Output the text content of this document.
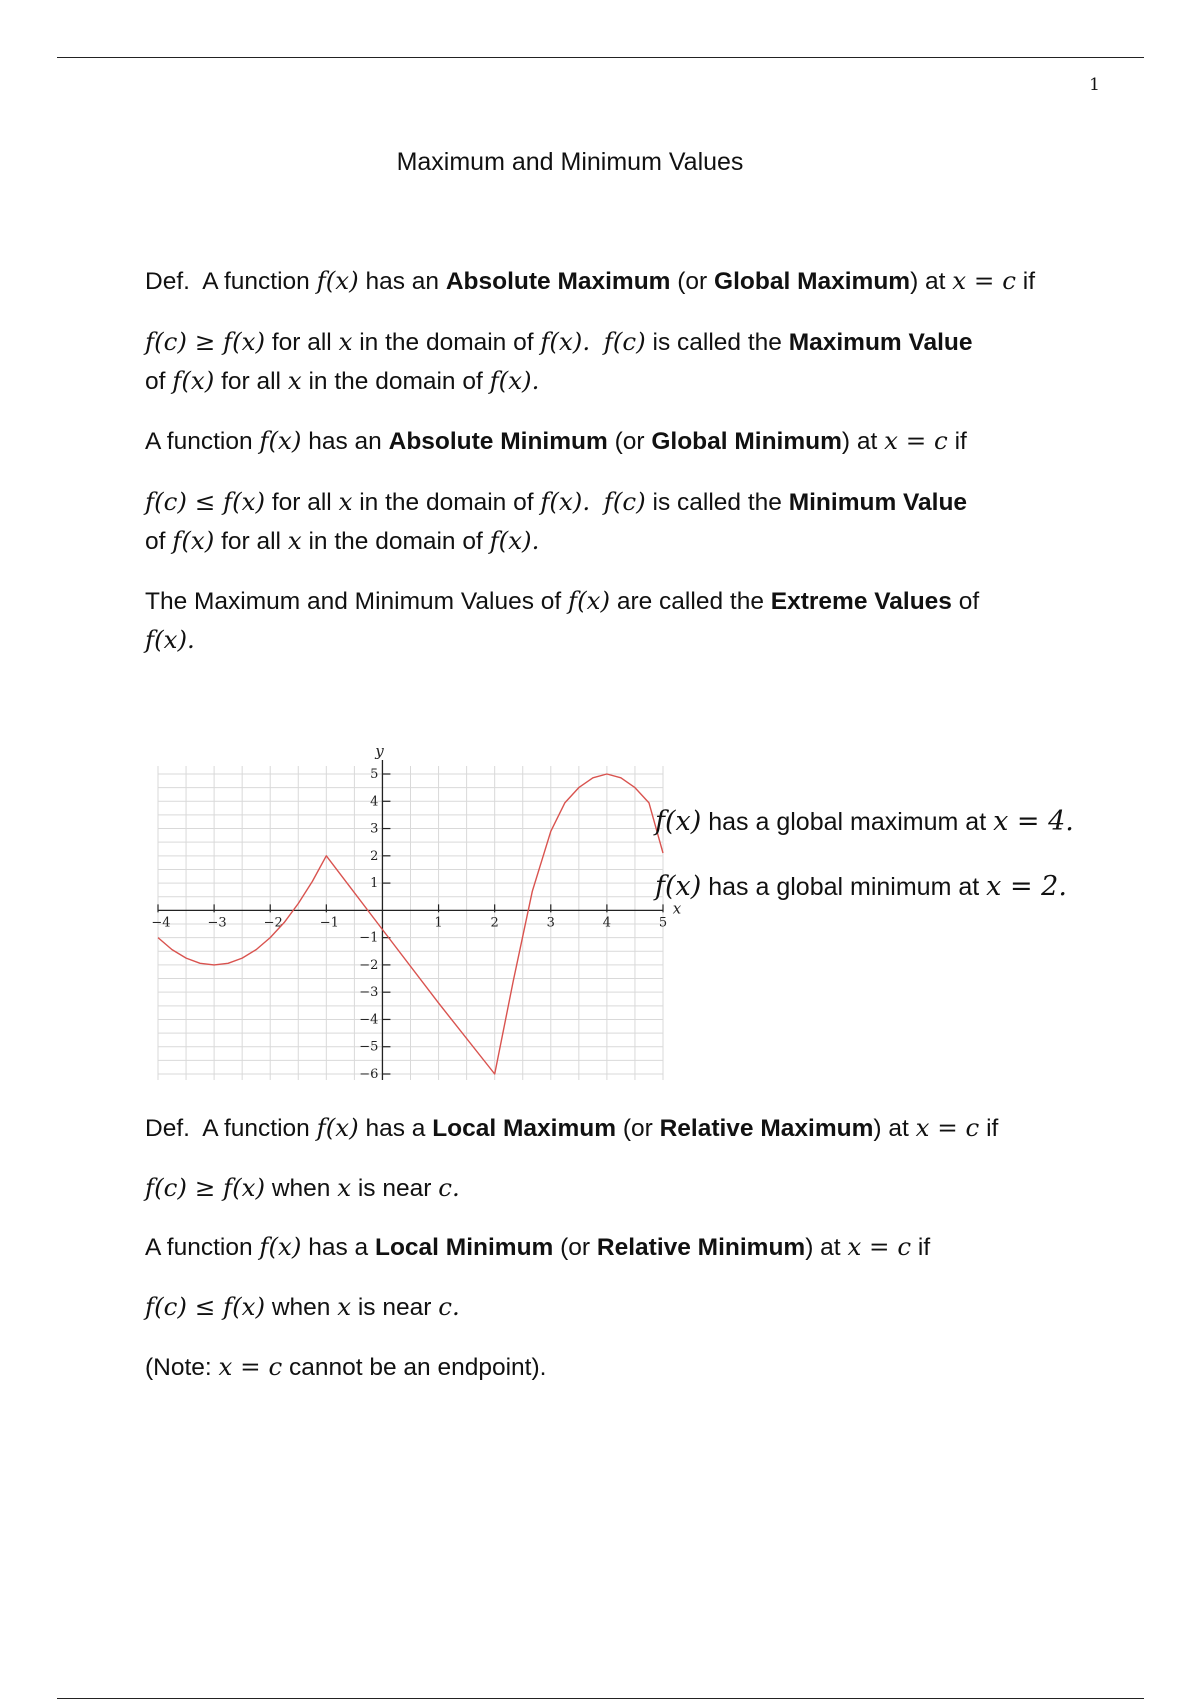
1
Maximum and Minimum Values

Def. A function f(x) has an Absolute Maximum (or Global Maximum) at x = c if

f(c) ≥ f(x) for all x in the domain of f(x). f(c) is called the Maximum Value
of f(x) for all x in the domain of f(x).

A function f(x) has an Absolute Minimum (or Global Minimum) at x = c if

f(c) ≤ f(x) for all x in the domain of f(x). f(c) is called the Minimum Value
of f(x) for all x in the domain of f(x).

The Maximum and Minimum Values of f(x) are called the Extreme Values of
f(x).

y
x
−4	−3	−2	−1	1	2	3	4	5
5
4
3
2
1
−1
−2
−3
−4
−5
−6
f(x) has a global maximum at x = 4.
f(x) has a global minimum at x = 2.

Def. A function f(x) has a Local Maximum (or Relative Maximum) at x = c if

f(c) ≥ f(x) when x is near c.

A function f(x) has a Local Minimum (or Relative Minimum) at x = c if

f(c) ≤ f(x) when x is near c.

(Note: x = c cannot be an endpoint).
